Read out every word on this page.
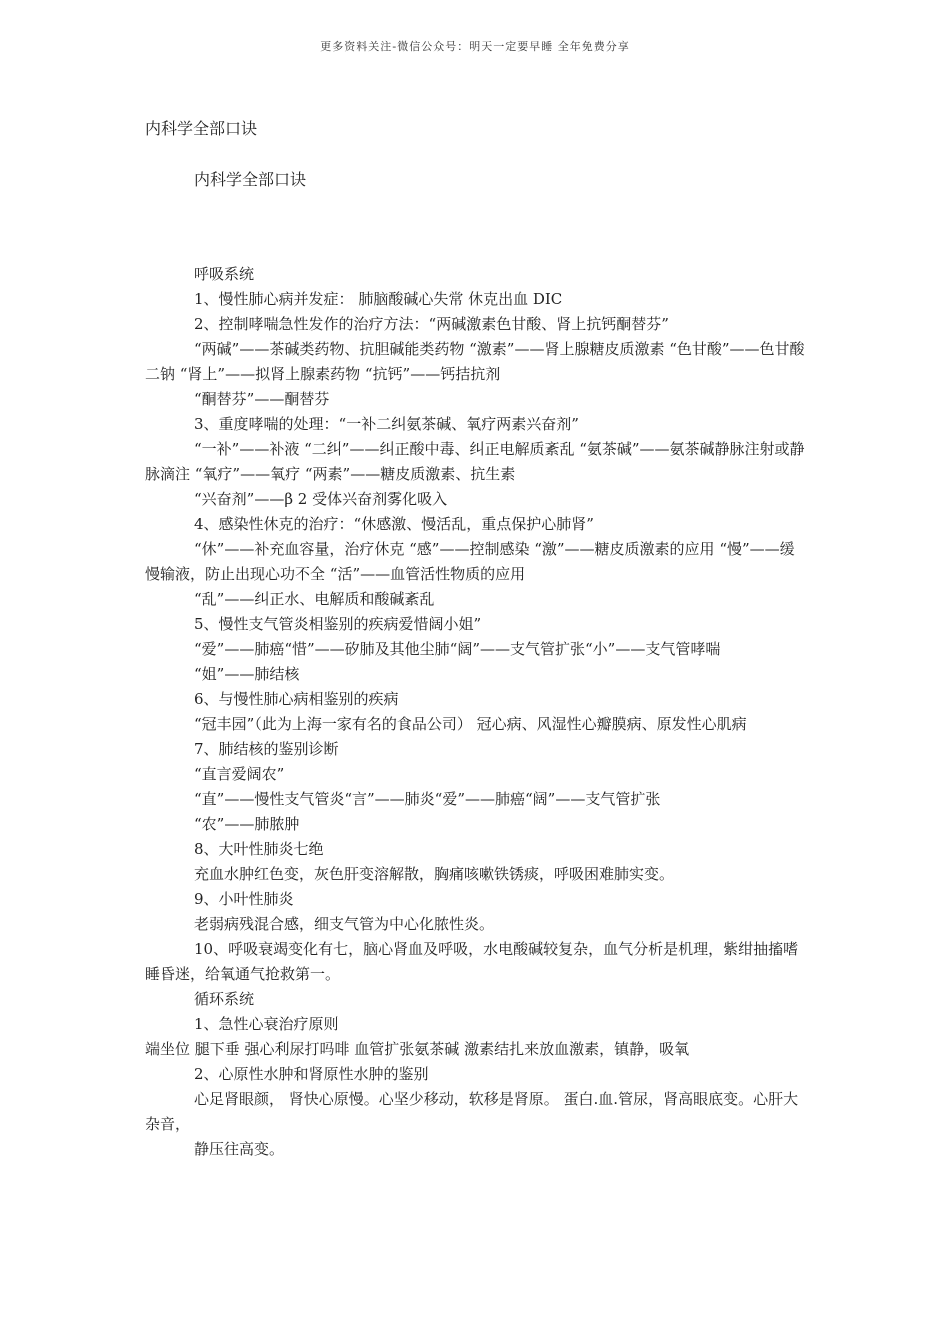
更多资料关注-微信公众号：明天一定要早睡 全年免费分享
内科学全部口诀
内科学全部口诀

呼吸系统

1、慢性肺心病并发症： 肺脑酸碱心失常 休克出血 DIC

2、控制哮喘急性发作的治疗方法：“两碱激素色甘酸、肾上抗钙酮替芬”

“两碱”——茶碱类药物、抗胆碱能类药物 “激素”——肾上腺糖皮质激素 “色甘酸”——色甘酸二钠 “肾上”——拟肾上腺素药物 “抗钙”——钙拮抗剂

“酮替芬”——酮替芬

3、重度哮喘的处理：“一补二纠氨茶碱、氧疗两素兴奋剂”

“一补”——补液 “二纠”——纠正酸中毒、纠正电解质紊乱 “氨茶碱”——氨茶碱静脉注射或静脉滴注 “氧疗”——氧疗 “两素”——糖皮质激素、抗生素

“兴奋剂”——β 2 受体兴奋剂雾化吸入

4、感染性休克的治疗：“休感激、慢活乱，重点保护心肺肾”

“休”——补充血容量，治疗休克 “感”——控制感染 “激”——糖皮质激素的应用 “慢”——缓慢输液，防止出现心功不全 “活”——血管活性物质的应用

“乱”——纠正水、电解质和酸碱紊乱

5、慢性支气管炎相鉴别的疾病爱惜阔小姐”

“爱”——肺癌“惜”——矽肺及其他尘肺“阔”——支气管扩张“小”——支气管哮喘

“姐”——肺结核

6、与慢性肺心病相鉴别的疾病

“冠丰园”（此为上海一家有名的食品公司） 冠心病、风湿性心瓣膜病、原发性心肌病

7、肺结核的鉴别诊断

“直言爱阔农”

“直”——慢性支气管炎“言”——肺炎“爱”——肺癌“阔”——支气管扩张

“农”——肺脓肿

8、大叶性肺炎七绝

充血水肿红色变，灰色肝变溶解散，胸痛咳嗽铁锈痰，呼吸困难肺实变。

9、小叶性肺炎

老弱病残混合感，细支气管为中心化脓性炎。

10、呼吸衰竭变化有七，脑心肾血及呼吸，水电酸碱较复杂，血气分析是机理，紫绀抽搐嗜睡昏迷，给氧通气抢救第一。

循环系统

1、急性心衰治疗原则

端坐位 腿下垂 强心利尿打吗啡 血管扩张氨茶碱 激素结扎来放血激素，镇静，吸氧

2、心原性水肿和肾原性水肿的鉴别

心足肾眼颜， 肾快心原慢。心坚少移动，软移是肾原。 蛋白.血.管尿，肾高眼底变。心肝大杂音，

静压往高变。
